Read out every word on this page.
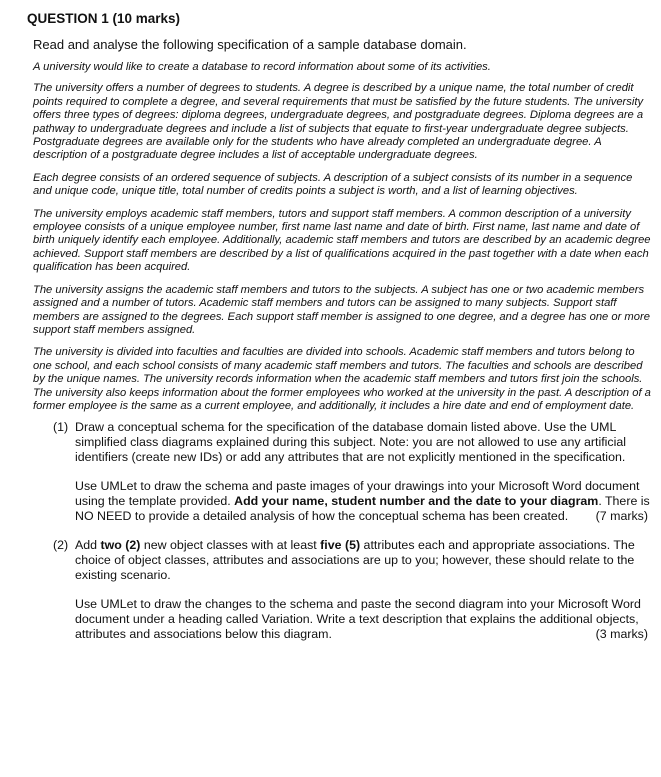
QUESTION 1 (10 marks)

Read and analyse the following specification of a sample database domain.

A university would like to create a database to record information about some of its activities.

The university offers a number of degrees to students. A degree is described by a unique name, the total number of credit points required to complete a degree, and several requirements that must be satisfied by the future students. The university offers three types of degrees: diploma degrees, undergraduate degrees, and postgraduate degrees. Diploma degrees are a pathway to undergraduate degrees and include a list of subjects that equate to first-year undergraduate degree subjects. Postgraduate degrees are available only for the students who have already completed an undergraduate degree. A description of a postgraduate degree includes a list of acceptable undergraduate degrees.

Each degree consists of an ordered sequence of subjects. A description of a subject consists of its number in a sequence and unique code, unique title, total number of credits points a subject is worth, and a list of learning objectives.

The university employs academic staff members, tutors and support staff members. A common description of a university employee consists of a unique employee number, first name last name and date of birth. First name, last name and date of birth uniquely identify each employee. Additionally, academic staff members and tutors are described by an academic degree achieved. Support staff members are described by a list of qualifications acquired in the past together with a date when each qualification has been acquired.

The university assigns the academic staff members and tutors to the subjects. A subject has one or two academic members assigned and a number of tutors. Academic staff members and tutors can be assigned to many subjects. Support staff members are assigned to the degrees. Each support staff member is assigned to one degree, and a degree has one or more support staff members assigned.

The university is divided into faculties and faculties are divided into schools. Academic staff members and tutors belong to one school, and each school consists of many academic staff members and tutors. The faculties and schools are described by the unique names. The university records information when the academic staff members and tutors first join the schools. The university also keeps information about the former employees who worked at the university in the past. A description of a former employee is the same as a current employee, and additionally, it includes a hire date and end of employment date.

(1) Draw a conceptual schema for the specification of the database domain listed above. Use the UML simplified class diagrams explained during this subject. Note: you are not allowed to use any artificial identifiers (create new IDs) or add any attributes that are not explicitly mentioned in the specification.

Use UMLet to draw the schema and paste images of your drawings into your Microsoft Word document using the template provided. Add your name, student number and the date to your diagram. There is NO NEED to provide a detailed analysis of how the conceptual schema has been created. (7 marks)

(2) Add two (2) new object classes with at least five (5) attributes each and appropriate associations. The choice of object classes, attributes and associations are up to you; however, these should relate to the existing scenario.

Use UMLet to draw the changes to the schema and paste the second diagram into your Microsoft Word document under a heading called Variation. Write a text description that explains the additional objects, attributes and associations below this diagram.	(3 marks)
